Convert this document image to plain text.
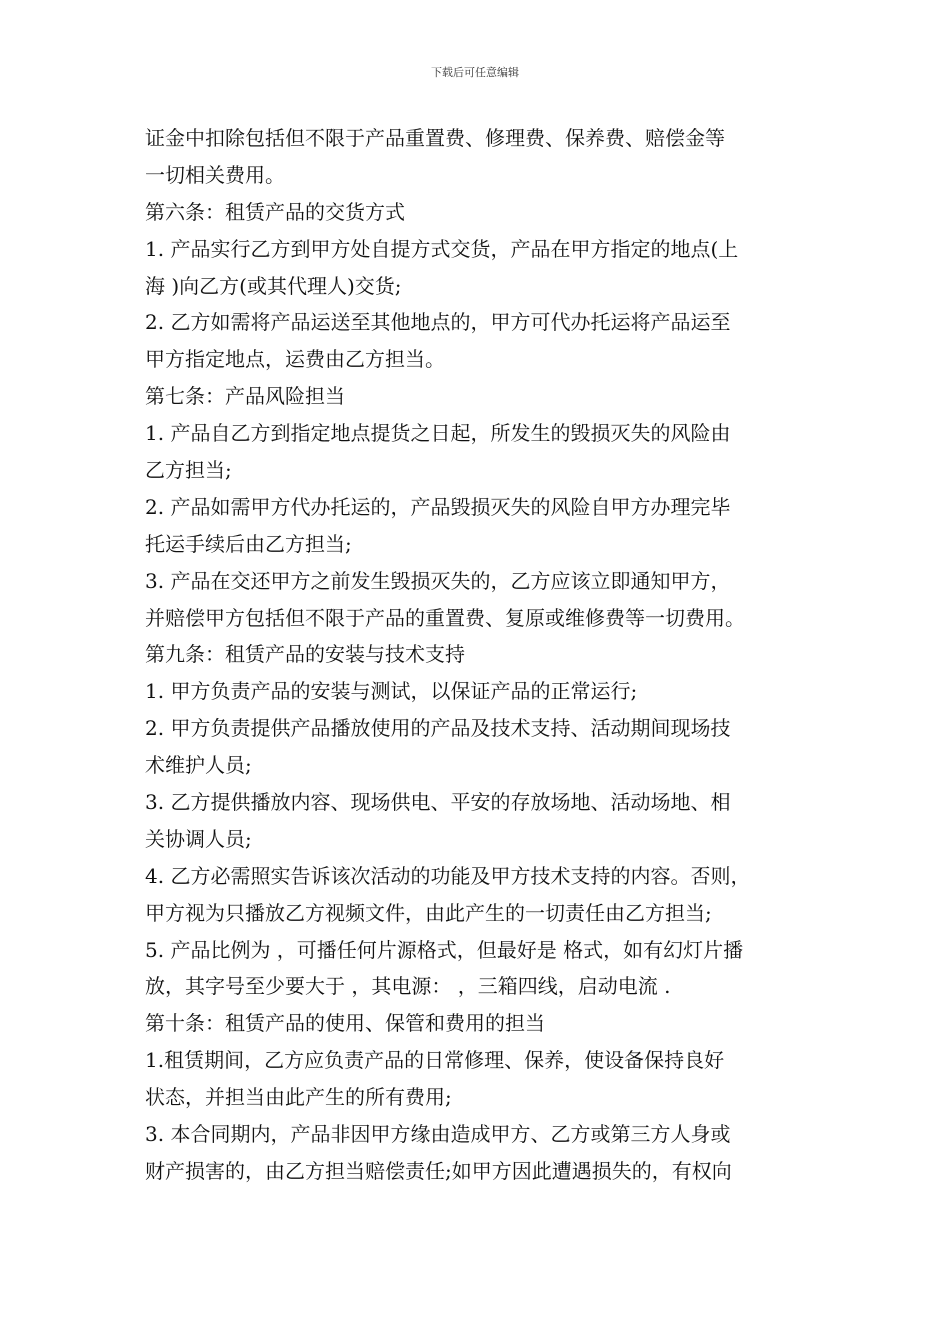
下载后可任意编辑
证金中扣除包括但不限于产品重置费、修理费、保养费、赔偿金等
一切相关费用。
第六条：租赁产品的交货方式
1. 产品实行乙方到甲方处自提方式交货，产品在甲方指定的地点(上
海 )向乙方(或其代理人)交货;
2. 乙方如需将产品运送至其他地点的，甲方可代办托运将产品运至
甲方指定地点，运费由乙方担当。
第七条：产品风险担当
1. 产品自乙方到指定地点提货之日起，所发生的毁损灭失的风险由
乙方担当;
2. 产品如需甲方代办托运的，产品毁损灭失的风险自甲方办理完毕
托运手续后由乙方担当;
3. 产品在交还甲方之前发生毁损灭失的，乙方应该立即通知甲方，
并赔偿甲方包括但不限于产品的重置费、复原或维修费等一切费用。
第九条：租赁产品的安装与技术支持
1. 甲方负责产品的安装与测试，以保证产品的正常运行;
2. 甲方负责提供产品播放使用的产品及技术支持、活动期间现场技
术维护人员;
3. 乙方提供播放内容、现场供电、平安的存放场地、活动场地、相
关协调人员;
4. 乙方必需照实告诉该次活动的功能及甲方技术支持的内容。否则，
甲方视为只播放乙方视频文件，由此产生的一切责任由乙方担当;
5. 产品比例为 ，可播任何片源格式，但最好是 格式，如有幻灯片播
放，其字号至少要大于 ，其电源： ，三箱四线，启动电流 .
第十条：租赁产品的使用、保管和费用的担当
1.租赁期间，乙方应负责产品的日常修理、保养，使设备保持良好
状态，并担当由此产生的所有费用;
3. 本合同期内，产品非因甲方缘由造成甲方、乙方或第三方人身或
财产损害的，由乙方担当赔偿责任;如甲方因此遭遇损失的，有权向
